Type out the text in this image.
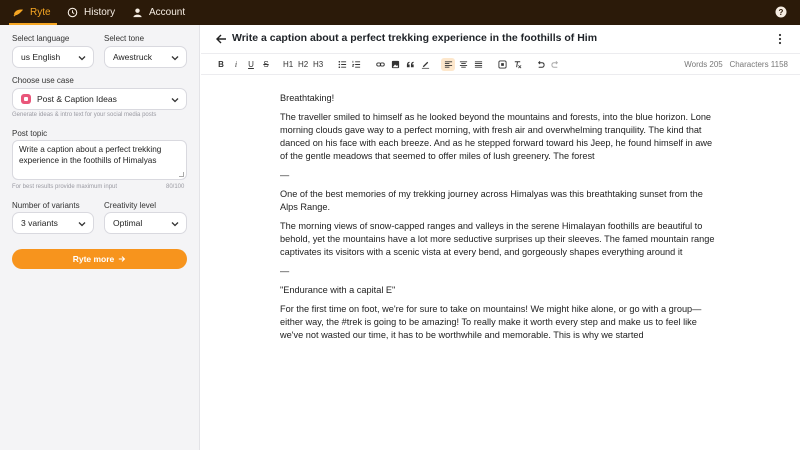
Ryte	History	Account	?
Select language
us English
Select tone
Awestruck
Choose use case
Post & Caption Ideas
Generate ideas & intro text for your social media posts
Post topic
Write a caption about a perfect trekking experience in the foothills of Himalyas
For best results provide maximum input	80/100
Number of variants
3 variants
Creativity level
Optimal
Ryte more
Write a caption about a perfect trekking experience in the foothills of Him
B	i	U S H1 H2 H3	Words 205 Characters 1158

Breathtaking!

The traveller smiled to himself as he looked beyond the mountains and forests, into the blue horizon. Lone morning clouds gave way to a perfect morning, with fresh air and overwhelming tranquility. The kind that danced on his face with each breeze. And as he stepped forward toward his Jeep, he found himself in awe of the gentle meadows that seemed to offer miles of lush greenery. The forest

—

One of the best memories of my trekking journey across Himalyas was this breathtaking sunset from the Alps Range.

The morning views of snow-capped ranges and valleys in the serene Himalayan foothills are beautiful to behold, yet the mountains have a lot more seductive surprises up their sleeves. The famed mountain range captivates its visitors with a scenic vista at every bend, and gorgeously shapes everything around it

—

"Endurance with a capital E"

For the first time on foot, we're for sure to take on mountains! We might hike alone, or go with a group—either way, the #trek is going to be amazing! To really make it worth every step and make us to feel like we've not wasted our time, it has to be worthwhile and memorable. This is why we started
